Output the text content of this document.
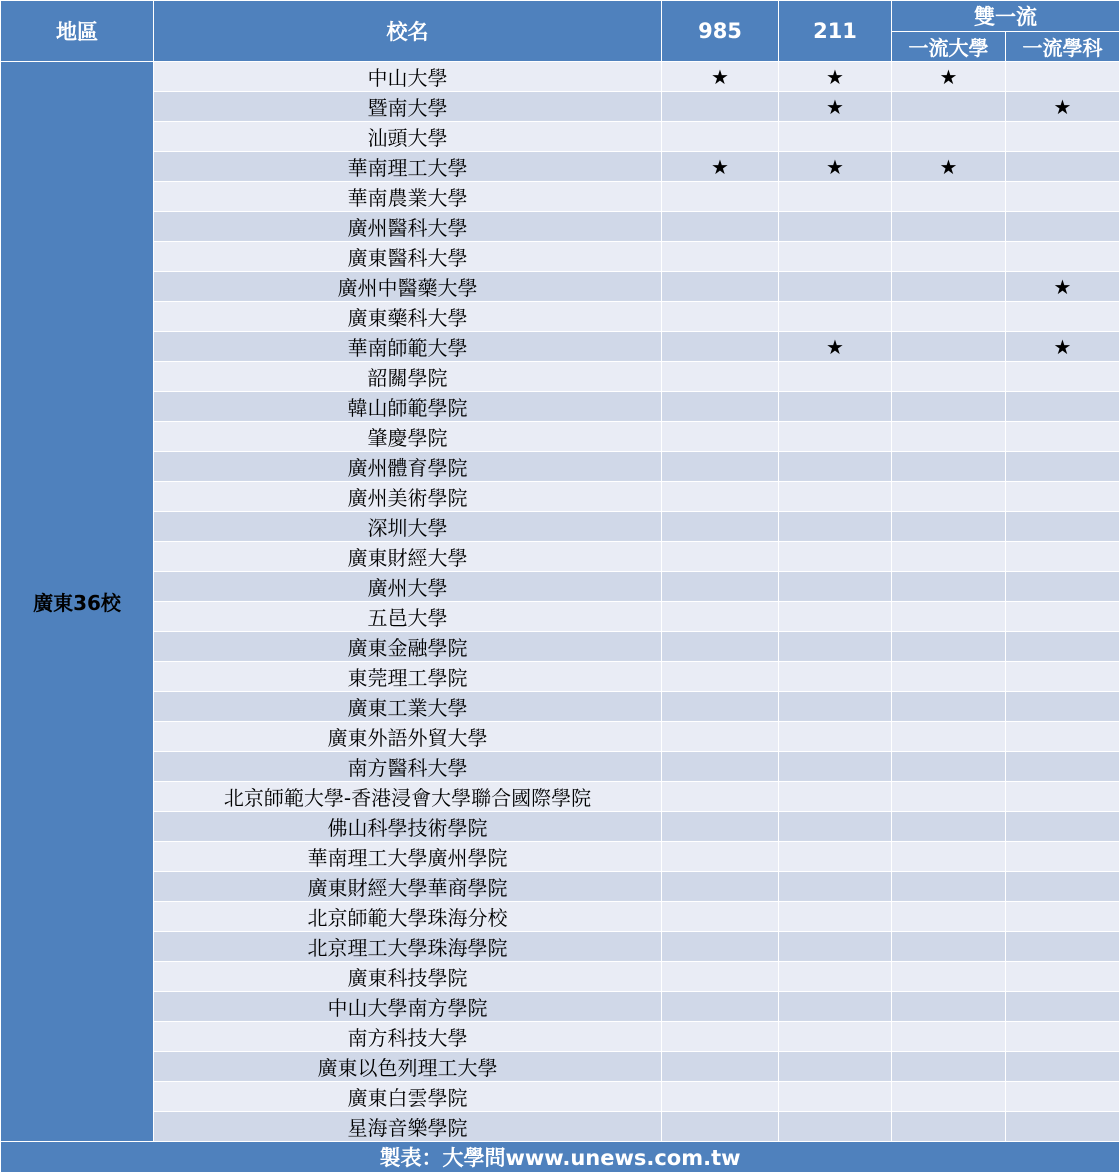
地區	校名	985	211	雙一流	
				一流大學	一流學科
廣東36校	中山大學	★	★	★	
	暨南大學		★		★
	汕頭大學				
	華南理工大學	★	★	★	
	華南農業大學				
	廣州醫科大學				
	廣東醫科大學				
	廣州中醫藥大學				★
	廣東藥科大學				
	華南師範大學		★		★
	韶關學院				
	韓山師範學院				
	肇慶學院				
	廣州體育學院				
	廣州美術學院				
	深圳大學				
	廣東財經大學				
	廣州大學				
	五邑大學				
	廣東金融學院				
	東莞理工學院				
	廣東工業大學				
	廣東外語外貿大學				
	南方醫科大學				
	北京師範大學-香港浸會大學聯合國際學院				
	佛山科學技術學院				
	華南理工大學廣州學院				
	廣東財經大學華商學院				
	北京師範大學珠海分校				
	北京理工大學珠海學院				
	廣東科技學院				
	中山大學南方學院				
	南方科技大學				
	廣東以色列理工大學				
	廣東白雲學院				
	星海音樂學院				
製表：大學問www.unews.com.tw					
